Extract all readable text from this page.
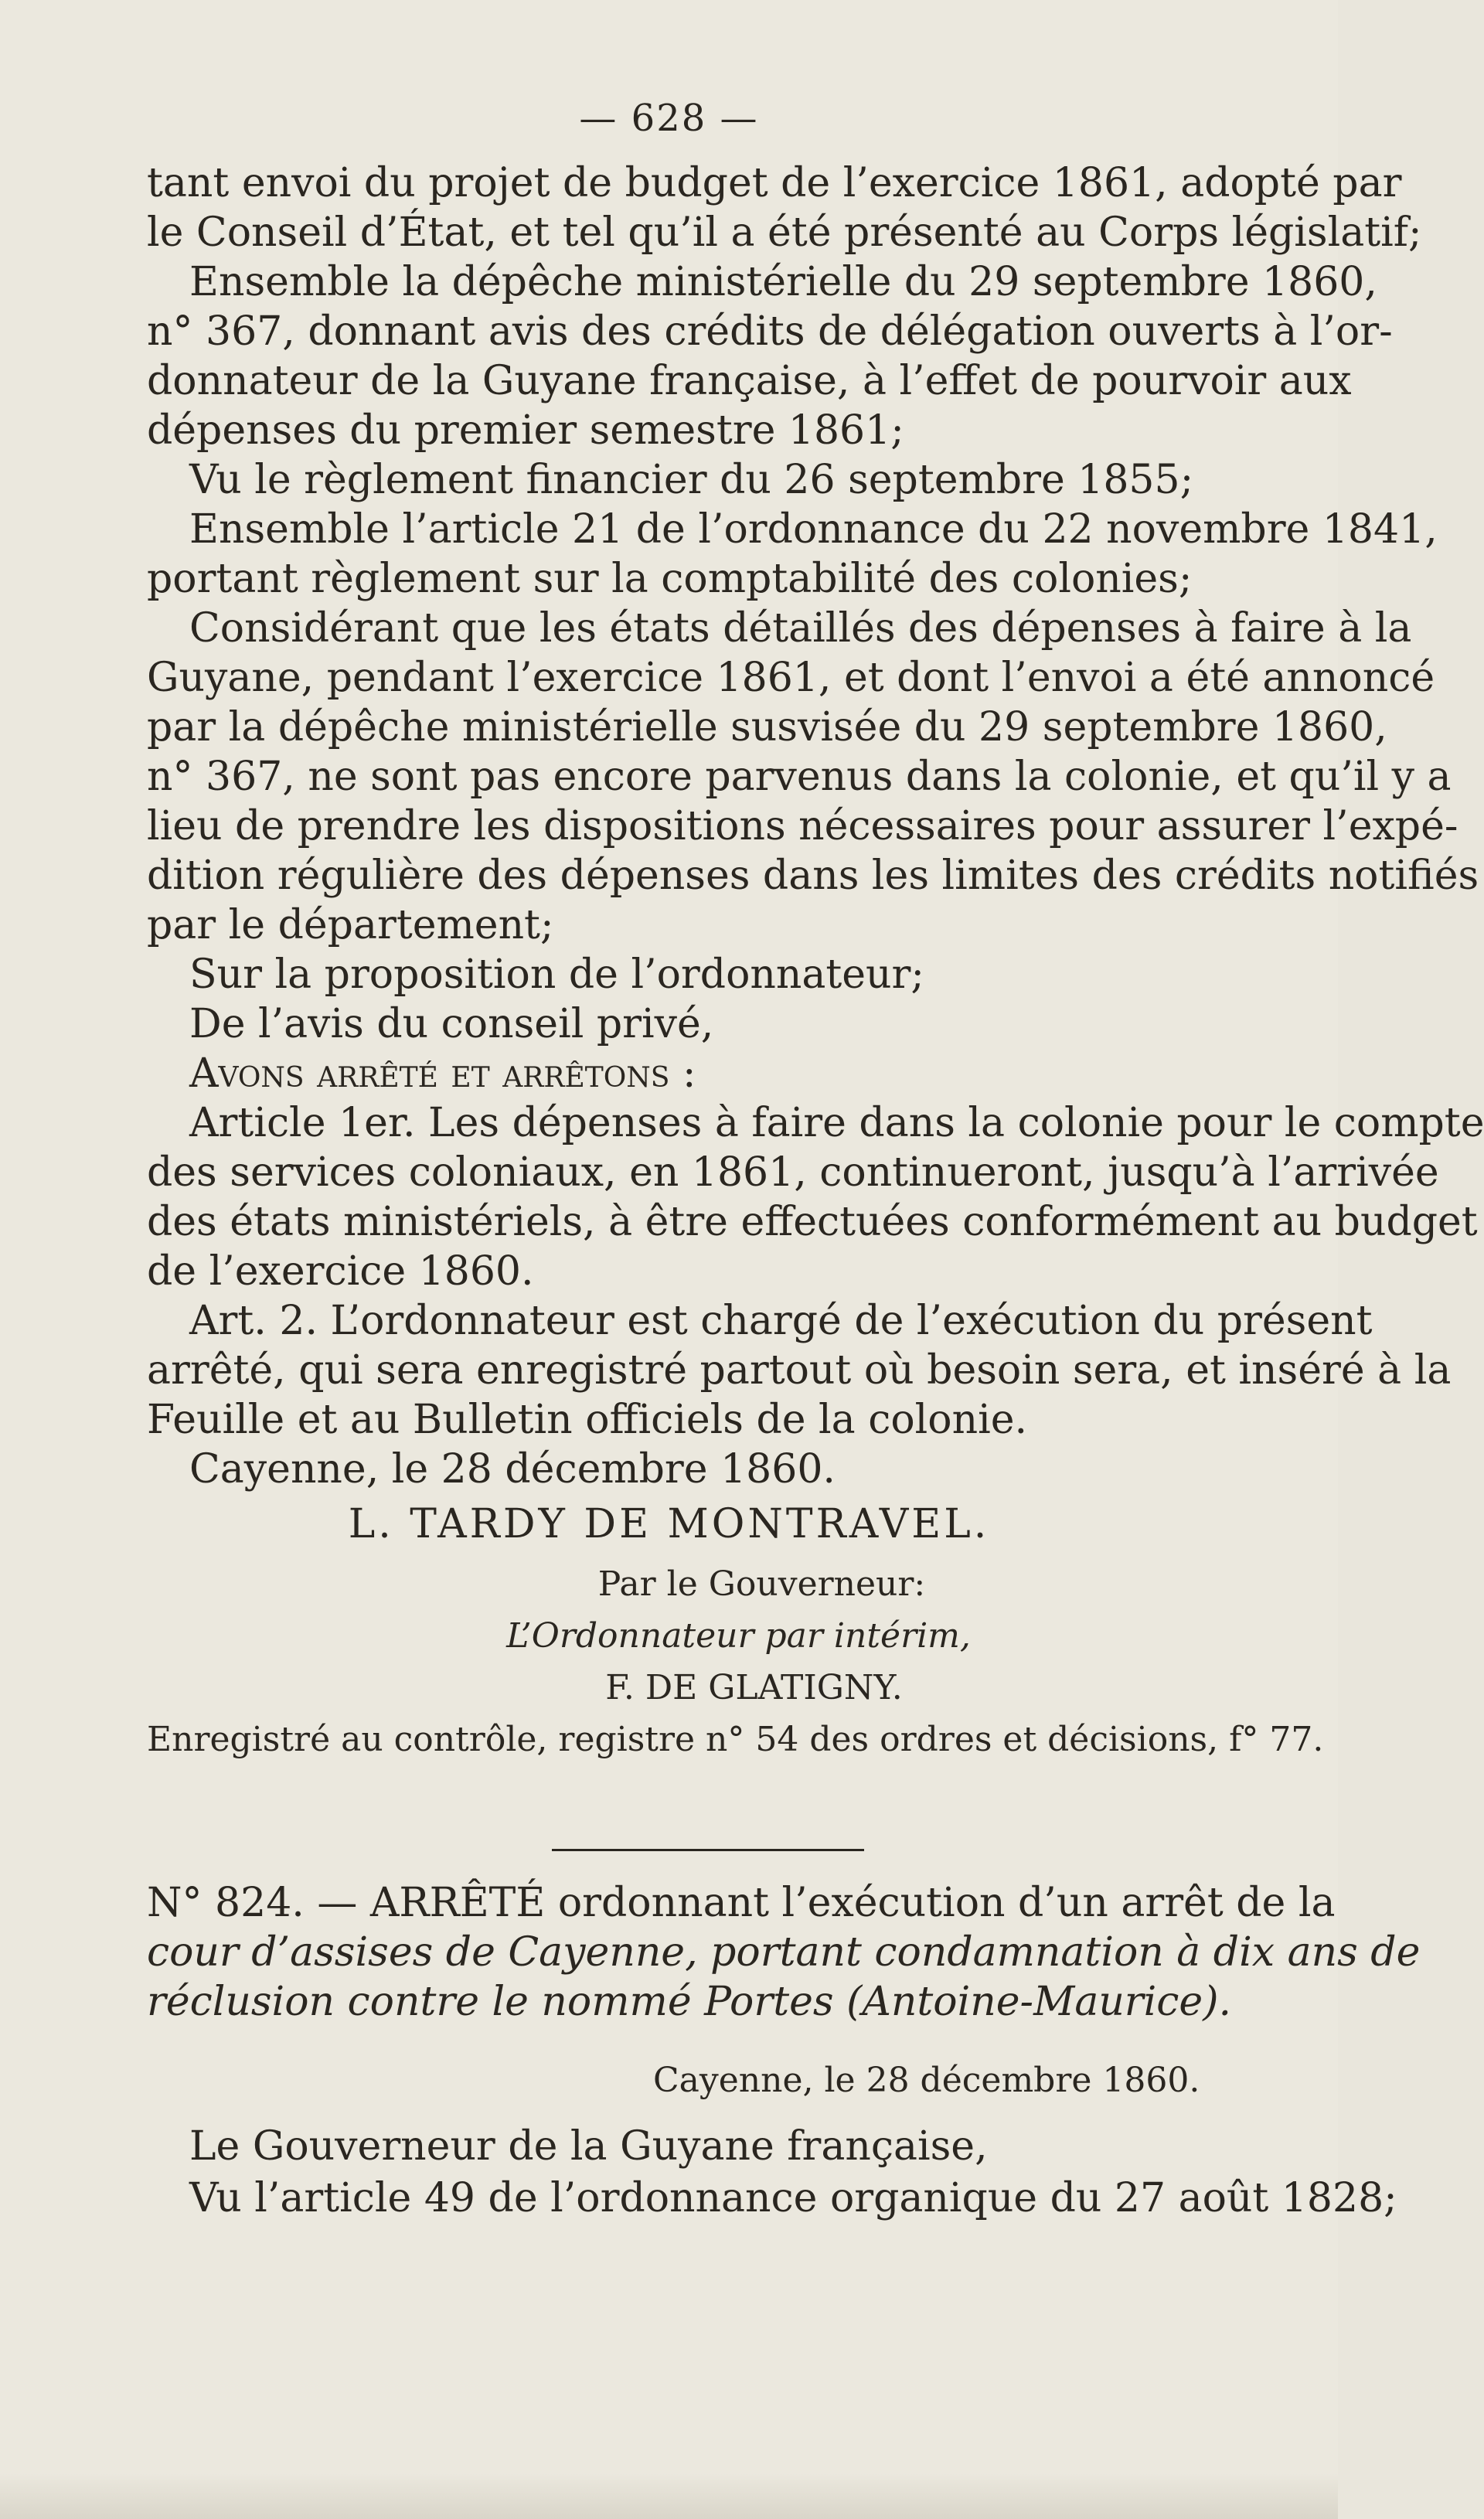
— 628 —
tant envoi du projet de budget de l’exercice 1861, adopté par
le Conseil d’État, et tel qu’il a été présenté au Corps législatif;
Ensemble la dépêche ministérielle du 29 septembre 1860,
n° 367, donnant avis des crédits de délégation ouverts à l’or-
donnateur de la Guyane française, à l’effet de pourvoir aux
dépenses du premier semestre 1861;
Vu le règlement financier du 26 septembre 1855;
Ensemble l’article 21 de l’ordonnance du 22 novembre 1841,
portant règlement sur la comptabilité des colonies;
Considérant que les états détaillés des dépenses à faire à la
Guyane, pendant l’exercice 1861, et dont l’envoi a été annoncé
par la dépêche ministérielle susvisée du 29 septembre 1860,
n° 367, ne sont pas encore parvenus dans la colonie, et qu’il y a
lieu de prendre les dispositions nécessaires pour assurer l’expé-
dition régulière des dépenses dans les limites des crédits notifiés
par le département;
Sur la proposition de l’ordonnateur;
De l’avis du conseil privé,
Avons arrêté et arrêtons :
Article 1er. Les dépenses à faire dans la colonie pour le compte
des services coloniaux, en 1861, continueront, jusqu’à l’arrivée
des états ministériels, à être effectuées conformément au budget
de l’exercice 1860.
Art. 2. L’ordonnateur est chargé de l’exécution du présent
arrêté, qui sera enregistré partout où besoin sera, et inséré à la
Feuille et au Bulletin officiels de la colonie.
Cayenne, le 28 décembre 1860.
L. TARDY DE MONTRAVEL.
Par le Gouverneur:
L’Ordonnateur par intérim,
F. DE GLATIGNY.
Enregistré au contrôle, registre n° 54 des ordres et décisions, f° 77.
N° 824. — ARRÊTÉ ordonnant l’exécution d’un arrêt de la
cour d’assises de Cayenne, portant condamnation à dix ans de
réclusion contre le nommé Portes (Antoine-Maurice).
Cayenne, le 28 décembre 1860.
Le Gouverneur de la Guyane française,
Vu l’article 49 de l’ordonnance organique du 27 août 1828;
